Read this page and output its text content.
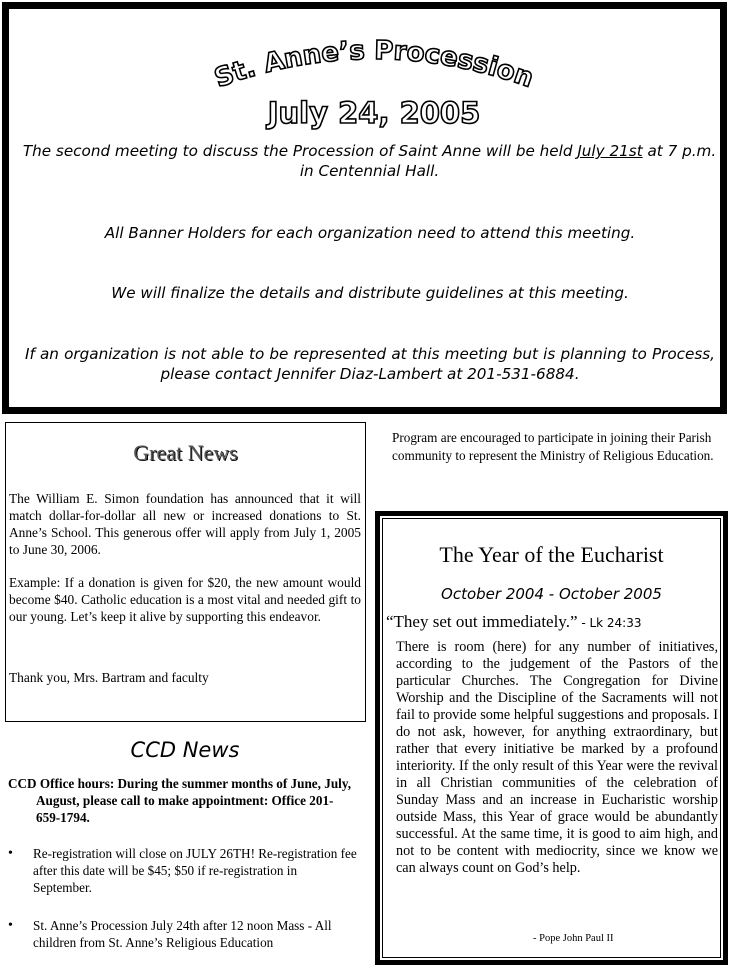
St. Anne’s Procession
July 24, 2005
The second meeting to discuss the Procession of Saint Anne will be held July 21st at 7 p.m. in Centennial Hall.
All Banner Holders for each organization need to attend this meeting.
We will finalize the details and distribute guidelines at this meeting.
If an organization is not able to be represented at this meeting but is planning to Process, please contact Jennifer Diaz-Lambert at 201-531-6884.
Great News
The William E. Simon foundation has announced that it will match dollar-for-dollar all new or increased donations to St. Anne’s School. This generous offer will apply from July 1, 2005 to June 30, 2006.
Example: If a donation is given for $20, the new amount would become $40. Catholic education is a most vital and needed gift to our young. Let’s keep it alive by supporting this endeavor.
Thank you, Mrs. Bartram and faculty
CCD News
CCD Office hours: During the summer months of June, July, August, please call to make appointment: Office 201-659-1794.
• Re-registration will close on JULY 26TH! Re-registration fee after this date will be $45; $50 if re-registration in September.
• St. Anne’s Procession July 24th after 12 noon Mass - All children from St. Anne’s Religious Education
Program are encouraged to participate in joining their Parish community to represent the Ministry of Religious Education.
The Year of the Eucharist
October 2004 - October 2005
“They set out immediately.” - Lk 24:33
There is room (here) for any number of initiatives, according to the judgement of the Pastors of the particular Churches. The Congregation for Divine Worship and the Discipline of the Sacraments will not fail to provide some helpful suggestions and proposals. I do not ask, however, for anything extraordinary, but rather that every initiative be marked by a profound interiority. If the only result of this Year were the revival in all Christian communities of the celebration of Sunday Mass and an increase in Eucharistic worship outside Mass, this Year of grace would be abundantly successful. At the same time, it is good to aim high, and not to be content with mediocrity, since we know we can always count on God’s help.
- Pope John Paul II
